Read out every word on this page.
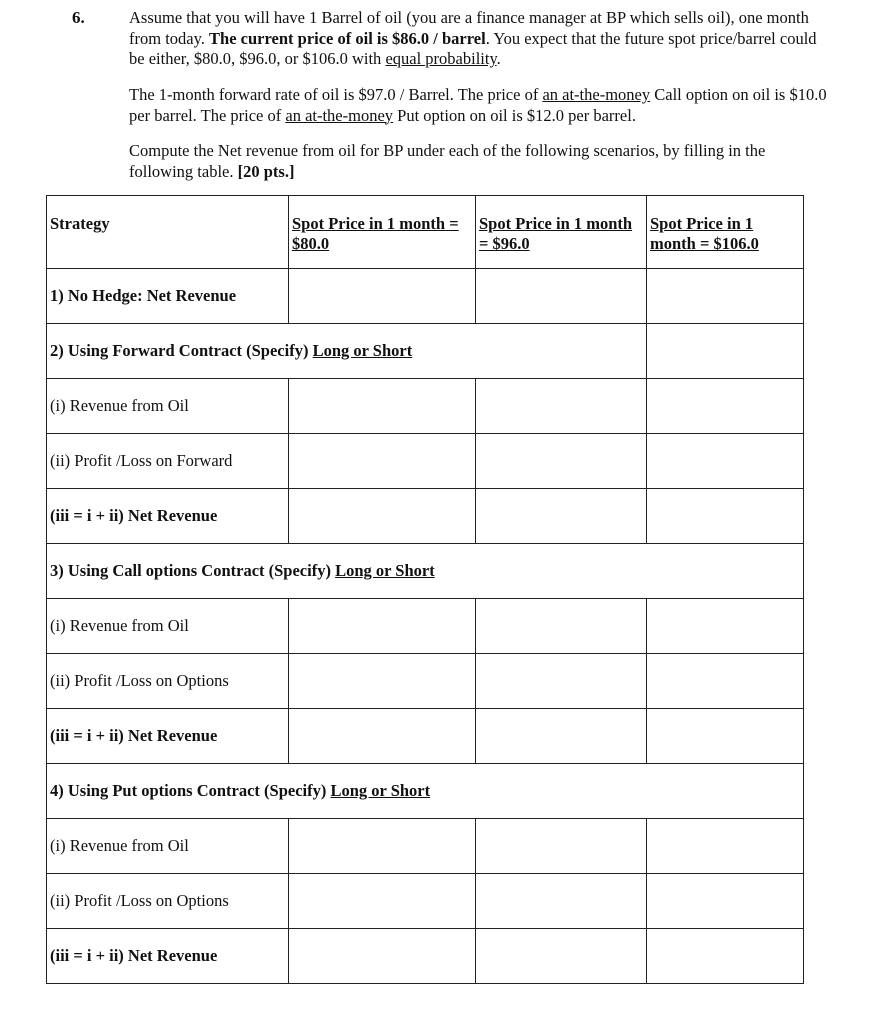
6.	Assume that you will have 1 Barrel of oil (you are a finance manager at BP which sells oil), one month from today. The current price of oil is $86.0 / barrel. You expect that the future spot price/barrel could be either, $80.0, $96.0, or $106.0 with equal probability.

The 1-month forward rate of oil is $97.0 / Barrel. The price of an at-the-money Call option on oil is $10.0 per barrel. The price of an at-the-money Put option on oil is $12.0 per barrel.

Compute the Net revenue from oil for BP under each of the following scenarios, by filling in the following table. [20 pts.]

Strategy	Spot Price in 1 month = $80.0	Spot Price in 1 month = $96.0	Spot Price in 1 month = $106.0
1) No Hedge: Net Revenue			
2) Using Forward Contract (Specify) Long or Short			
(i) Revenue from Oil			
(ii) Profit /Loss on Forward			
(iii = i + ii) Net Revenue			
3) Using Call options Contract (Specify) Long or Short			
(i) Revenue from Oil			
(ii) Profit /Loss on Options			
(iii = i + ii) Net Revenue			
4) Using Put options Contract (Specify) Long or Short			
(i) Revenue from Oil			
(ii) Profit /Loss on Options			
(iii = i + ii) Net Revenue			
